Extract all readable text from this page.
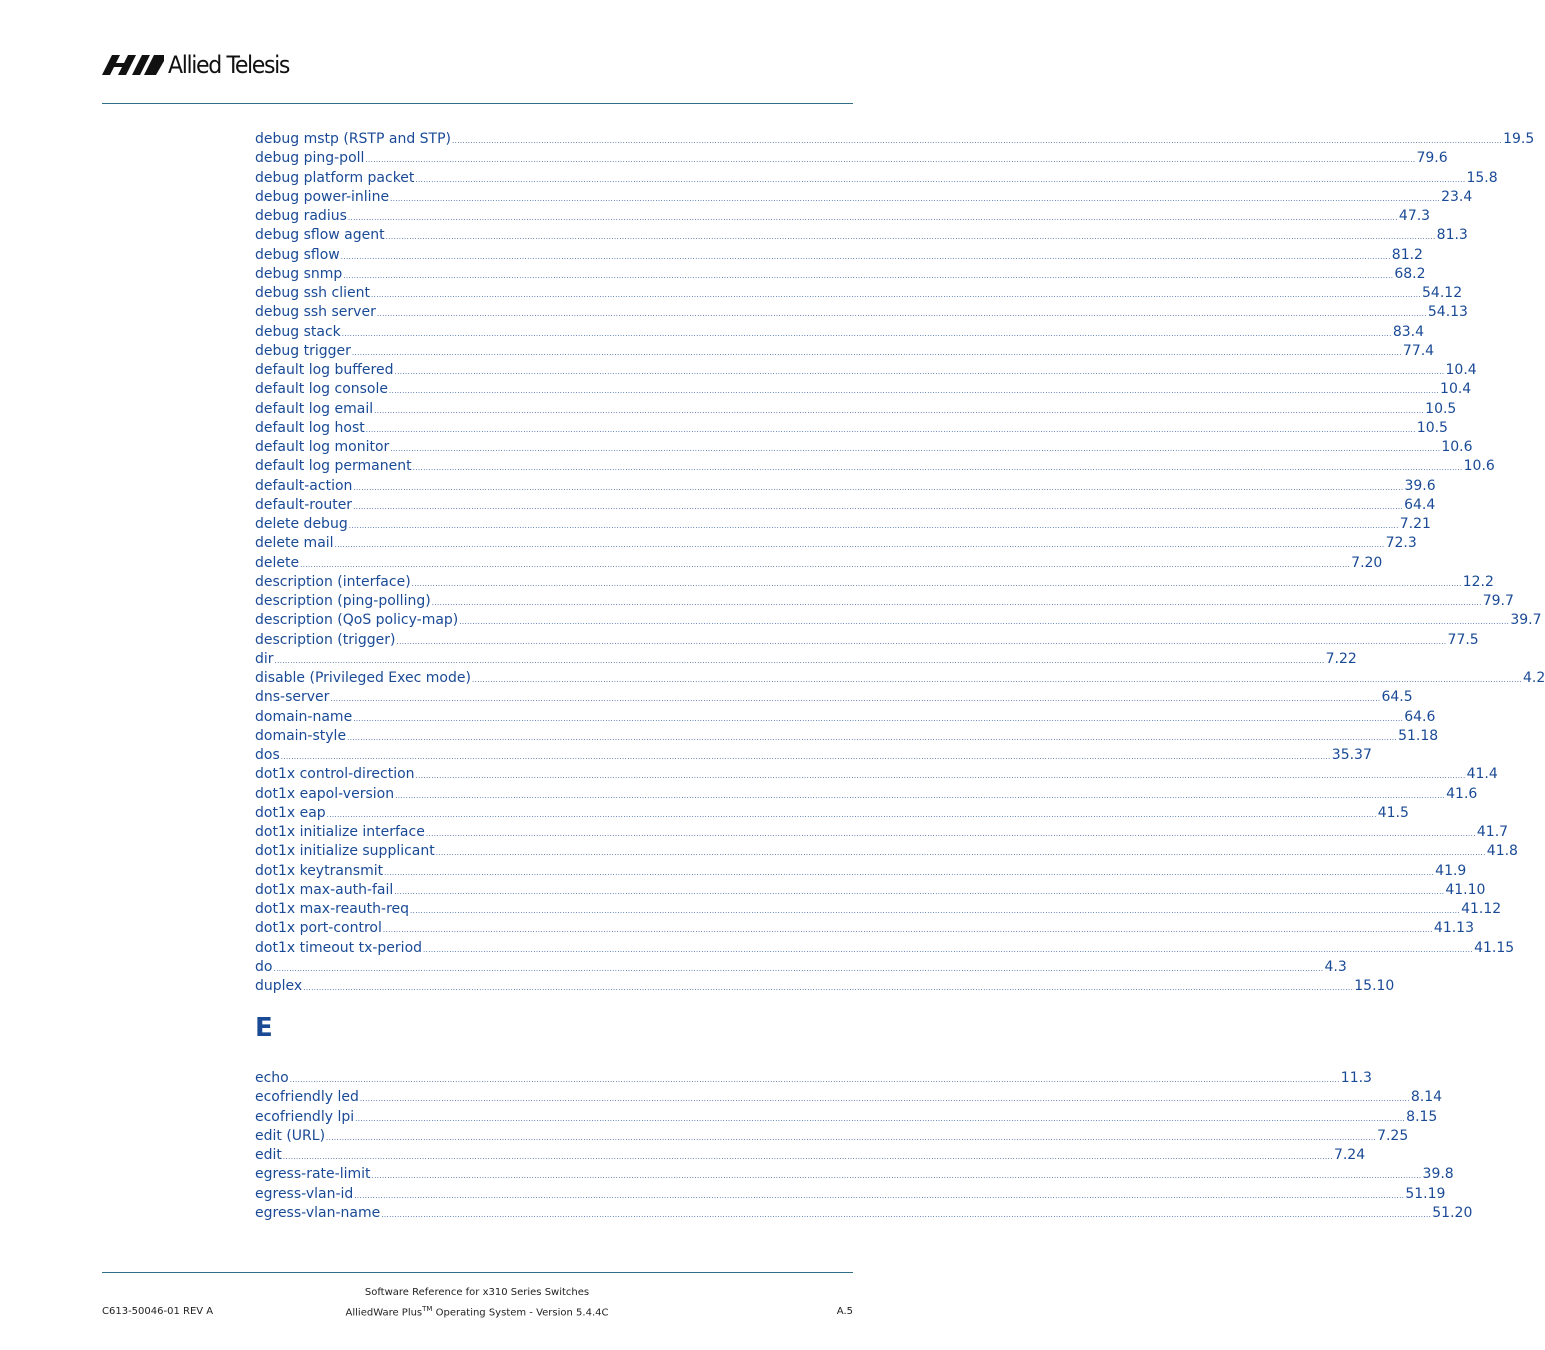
Allied Telesis
debug mstp (RSTP and STP) ................................................................................................................................................................................................................................................................................................................................................................................................................ 19.5
debug ping-poll ................................................................................................................................................................................................................................................................................................................................................................................................................ 79.6
debug platform packet ................................................................................................................................................................................................................................................................................................................................................................................................................ 15.8
debug power-inline ................................................................................................................................................................................................................................................................................................................................................................................................................ 23.4
debug radius ................................................................................................................................................................................................................................................................................................................................................................................................................ 47.3
debug sflow agent ................................................................................................................................................................................................................................................................................................................................................................................................................ 81.3
debug sflow ................................................................................................................................................................................................................................................................................................................................................................................................................ 81.2
debug snmp ................................................................................................................................................................................................................................................................................................................................................................................................................ 68.2
debug ssh client ................................................................................................................................................................................................................................................................................................................................................................................................................ 54.12
debug ssh server ................................................................................................................................................................................................................................................................................................................................................................................................................ 54.13
debug stack ................................................................................................................................................................................................................................................................................................................................................................................................................ 83.4
debug trigger ................................................................................................................................................................................................................................................................................................................................................................................................................ 77.4
default log buffered ................................................................................................................................................................................................................................................................................................................................................................................................................ 10.4
default log console ................................................................................................................................................................................................................................................................................................................................................................................................................ 10.4
default log email ................................................................................................................................................................................................................................................................................................................................................................................................................ 10.5
default log host ................................................................................................................................................................................................................................................................................................................................................................................................................ 10.5
default log monitor ................................................................................................................................................................................................................................................................................................................................................................................................................ 10.6
default log permanent ................................................................................................................................................................................................................................................................................................................................................................................................................ 10.6
default-action ................................................................................................................................................................................................................................................................................................................................................................................................................ 39.6
default-router ................................................................................................................................................................................................................................................................................................................................................................................................................ 64.4
delete debug ................................................................................................................................................................................................................................................................................................................................................................................................................ 7.21
delete mail ................................................................................................................................................................................................................................................................................................................................................................................................................ 72.3
delete ................................................................................................................................................................................................................................................................................................................................................................................................................ 7.20
description (interface) ................................................................................................................................................................................................................................................................................................................................................................................................................ 12.2
description (ping-polling) ................................................................................................................................................................................................................................................................................................................................................................................................................ 79.7
description (QoS policy-map) ................................................................................................................................................................................................................................................................................................................................................................................................................ 39.7
description (trigger) ................................................................................................................................................................................................................................................................................................................................................................................................................ 77.5
dir ................................................................................................................................................................................................................................................................................................................................................................................................................ 7.22
disable (Privileged Exec mode) ................................................................................................................................................................................................................................................................................................................................................................................................................ 4.2
dns-server ................................................................................................................................................................................................................................................................................................................................................................................................................ 64.5
domain-name ................................................................................................................................................................................................................................................................................................................................................................................................................ 64.6
domain-style ................................................................................................................................................................................................................................................................................................................................................................................................................ 51.18
dos ................................................................................................................................................................................................................................................................................................................................................................................................................ 35.37
dot1x control-direction ................................................................................................................................................................................................................................................................................................................................................................................................................ 41.4
dot1x eapol-version ................................................................................................................................................................................................................................................................................................................................................................................................................ 41.6
dot1x eap ................................................................................................................................................................................................................................................................................................................................................................................................................ 41.5
dot1x initialize interface ................................................................................................................................................................................................................................................................................................................................................................................................................ 41.7
dot1x initialize supplicant ................................................................................................................................................................................................................................................................................................................................................................................................................ 41.8
dot1x keytransmit ................................................................................................................................................................................................................................................................................................................................................................................................................ 41.9
dot1x max-auth-fail ................................................................................................................................................................................................................................................................................................................................................................................................................ 41.10
dot1x max-reauth-req ................................................................................................................................................................................................................................................................................................................................................................................................................ 41.12
dot1x port-control ................................................................................................................................................................................................................................................................................................................................................................................................................ 41.13
dot1x timeout tx-period ................................................................................................................................................................................................................................................................................................................................................................................................................ 41.15
do ................................................................................................................................................................................................................................................................................................................................................................................................................ 4.3
duplex ................................................................................................................................................................................................................................................................................................................................................................................................................ 15.10
E
echo ................................................................................................................................................................................................................................................................................................................................................................................................................ 11.3
ecofriendly led ................................................................................................................................................................................................................................................................................................................................................................................................................ 8.14
ecofriendly lpi ................................................................................................................................................................................................................................................................................................................................................................................................................ 8.15
edit (URL) ................................................................................................................................................................................................................................................................................................................................................................................................................ 7.25
edit ................................................................................................................................................................................................................................................................................................................................................................................................................ 7.24
egress-rate-limit ................................................................................................................................................................................................................................................................................................................................................................................................................ 39.8
egress-vlan-id ................................................................................................................................................................................................................................................................................................................................................................................................................ 51.19
egress-vlan-name ................................................................................................................................................................................................................................................................................................................................................................................................................ 51.20
Software Reference for x310 Series Switches
AlliedWare Plus™ Operating System - Version 5.4.4C
C613-50046-01 REV A	A.5
